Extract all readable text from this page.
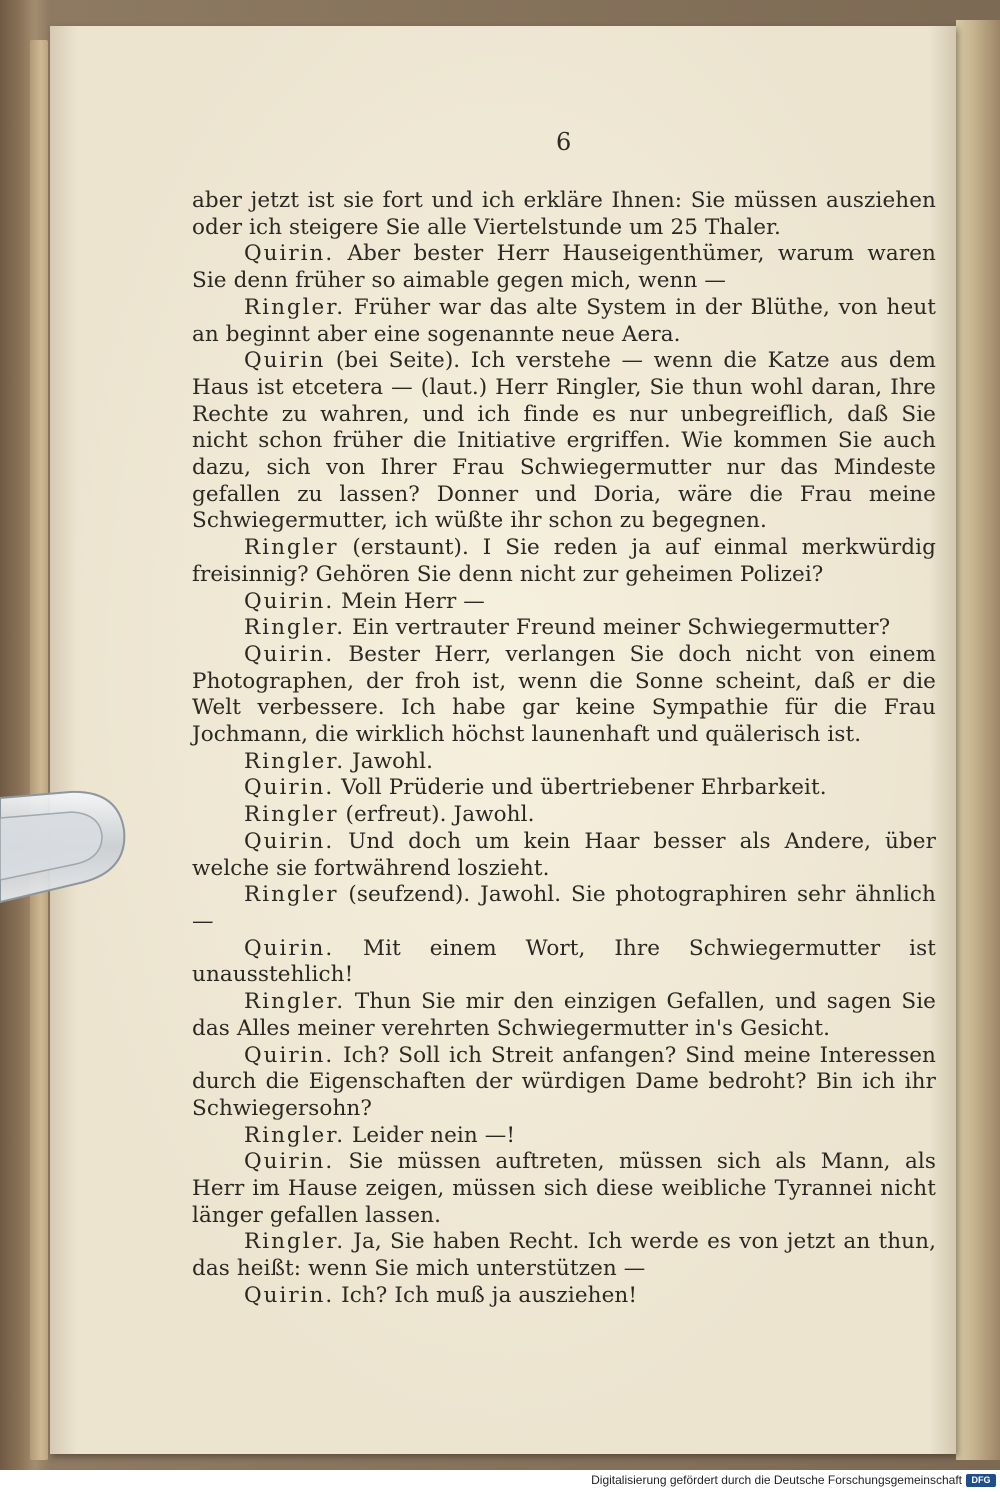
6

aber jetzt ist sie fort und ich erkläre Ihnen: Sie müssen ausziehen oder ich steigere Sie alle Viertelstunde um 25 Thaler.

Quirin. Aber bester Herr Hauseigenthümer, warum waren Sie denn früher so aimable gegen mich, wenn —

Ringler. Früher war das alte System in der Blüthe, von heut an beginnt aber eine sogenannte neue Aera.

Quirin (bei Seite). Ich verstehe — wenn die Katze aus dem Haus ist etcetera — (laut.) Herr Ringler, Sie thun wohl daran, Ihre Rechte zu wahren, und ich finde es nur unbegreiflich, daß Sie nicht schon früher die Initiative ergriffen. Wie kommen Sie auch dazu, sich von Ihrer Frau Schwiegermutter nur das Mindeste gefallen zu lassen? Donner und Doria, wäre die Frau meine Schwiegermutter, ich wüßte ihr schon zu begegnen.

Ringler (erstaunt). I Sie reden ja auf einmal merkwürdig freisinnig? Gehören Sie denn nicht zur geheimen Polizei?

Quirin. Mein Herr —

Ringler. Ein vertrauter Freund meiner Schwiegermutter?

Quirin. Bester Herr, verlangen Sie doch nicht von einem Photographen, der froh ist, wenn die Sonne scheint, daß er die Welt verbessere. Ich habe gar keine Sympathie für die Frau Jochmann, die wirklich höchst launenhaft und quälerisch ist.

Ringler. Jawohl.

Quirin. Voll Prüderie und übertriebener Ehrbarkeit.

Ringler (erfreut). Jawohl.

Quirin. Und doch um kein Haar besser als Andere, über welche sie fortwährend loszieht.

Ringler (seufzend). Jawohl. Sie photographiren sehr ähnlich —

Quirin. Mit einem Wort, Ihre Schwiegermutter ist unausstehlich!

Ringler. Thun Sie mir den einzigen Gefallen, und sagen Sie das Alles meiner verehrten Schwiegermutter in's Gesicht.

Quirin. Ich? Soll ich Streit anfangen? Sind meine Interessen durch die Eigenschaften der würdigen Dame bedroht? Bin ich ihr Schwiegersohn?

Ringler. Leider nein —!

Quirin. Sie müssen auftreten, müssen sich als Mann, als Herr im Hause zeigen, müssen sich diese weibliche Tyrannei nicht länger gefallen lassen.

Ringler. Ja, Sie haben Recht. Ich werde es von jetzt an thun, das heißt: wenn Sie mich unterstützen —

Quirin. Ich? Ich muß ja ausziehen!

Digitalisierung gefördert durch die Deutsche Forschungsgemeinschaft	DFG
